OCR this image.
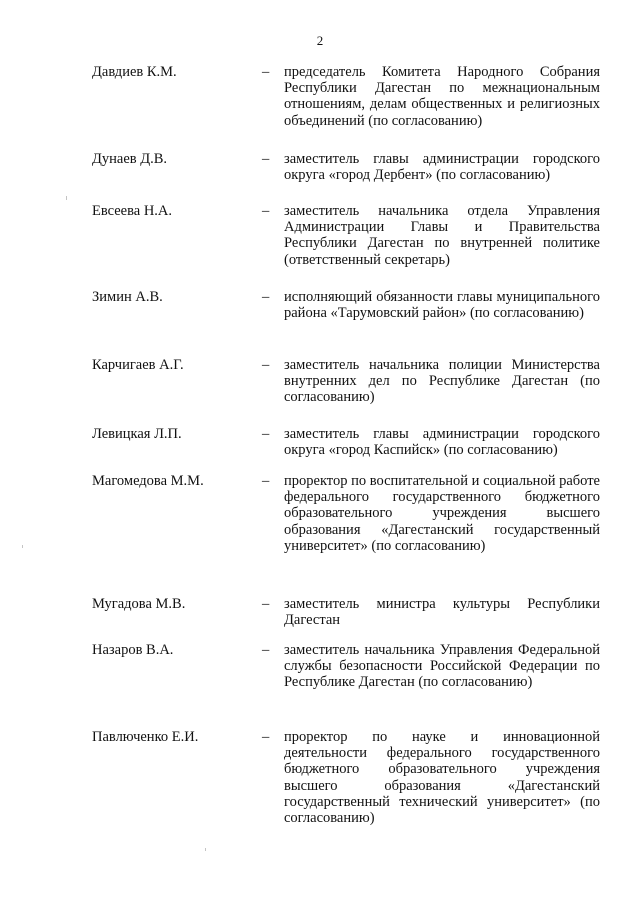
2
Давдиев К.М.	– председатель Комитета Народного Собрания Республики Дагестан по межнациональным отношениям, делам общественных и религиозных объединений (по согласованию)
Дунаев Д.В.	– заместитель главы администрации городского округа «город Дербент» (по согласованию)
Евсеева Н.А.	– заместитель начальника отдела Управления Администрации Главы и Правительства Республики Дагестан по внутренней политике (ответственный секретарь)
Зимин А.В.	– исполняющий обязанности главы муниципального района «Тарумовский район» (по согласованию)
Карчигаев А.Г.	– заместитель начальника полиции Министерства внутренних дел по Республике Дагестан (по согласованию)
Левицкая Л.П.	– заместитель главы администрации городского округа «город Каспийск» (по согласованию)
Магомедова М.М.	– проректор по воспитательной и социальной работе федерального государственного бюджетного образовательного учреждения высшего образования «Дагестанский государственный университет» (по согласованию)
Мугадова М.В.	– заместитель министра культуры Республики Дагестан
Назаров В.А.	– заместитель начальника Управления Федеральной службы безопасности Российской Федерации по Республике Дагестан (по согласованию)
Павлюченко Е.И.	– проректор по науке и инновационной деятельности федерального государственного бюджетного образовательного учреждения высшего образования «Дагестанский государственный технический университет» (по согласованию)
